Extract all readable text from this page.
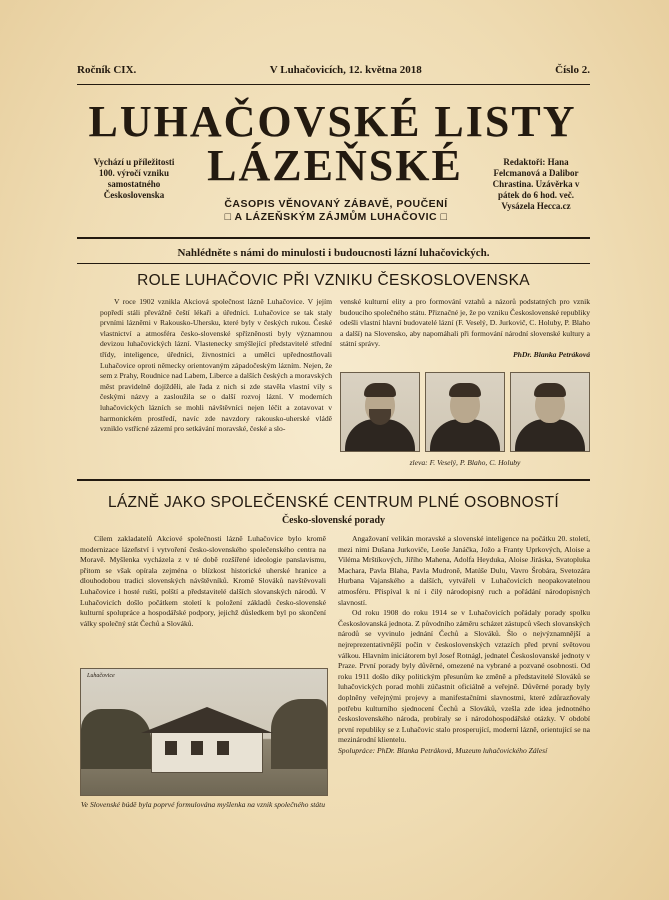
Ročník CIX.	V Luhačovicích, 12. května 2018	Číslo 2.
LUHAČOVSKÉ LISTY
LÁZEŇSKÉ
Vychází u příležitosti 100. výročí vzniku samostatného Československa
Redaktoři: Hana Felcmanová a Dalibor Chrastina. Uzávěrka v pátek do 6 hod. več. Vysázela Hecca.cz
ČASOPIS VĚNOVANÝ ZÁBAVĚ, POUČENÍ
□ A LÁZEŇSKÝM ZÁJMŮM LUHAČOVIC □
Nahlédněte s námi do minulosti i budoucnosti lázní luhačovických.
ROLE LUHAČOVIC PŘI VZNIKU ČESKOSLOVENSKA

V roce 1902 vznikla Akciová společnost lázně Luhačovice. V jejím popředí stáli převážně čeští lékaři a úředníci. Luhačovice se tak staly prvními lázněmi v Rakousko-Uhersku, které byly v českých rukou. České vlastnictví a atmosféra česko-slovenské spřízněnosti byly významnou devizou luhačovických lázní. Vlastenecky smýšlející představitelé střední třídy, inteligence, úředníci, živnostníci a umělci upřednostňovali Luhačovice oproti německy orientovaným západočeským lázním. Nejen, že sem z Prahy, Roudnice nad Labem, Liberce a dalších českých a moravských měst pravidelně dojížděli, ale řada z nich si zde stavěla vlastní vily s českými názvy a zasloužila se o další rozvoj lázní. V moderních luhačovických lázních se mohli návštěvníci nejen léčit a zotavovat v harmonickém prostředí, navíc zde navzdory rakousko-uherské vládě vzniklo vstřícné zázemí pro setkávání moravské, české a slo-

venské kulturní elity a pro formování vztahů a názorů podstatných pro vznik budoucího společného státu. Přiznačné je, že po vzniku Československé republiky odešli vlastní hlavní budovatelé lázní (F. Veselý, D. Jurkovič, C. Holuby, P. Blaho a další) na Slovensko, aby napomáhali při formování národní slovenské kultury a státní správy.

PhDr. Blanka Petráková
zleva: F. Veselý, P. Blaho, C. Holuby
LÁZNĚ JAKO SPOLEČENSKÉ CENTRUM PLNÉ OSOBNOSTÍ
Česko-slovenské porady

Cílem zakladatelů Akciové společnosti lázně Luhačovice bylo kromě modernizace lázeňství i vytvoření česko-slovenského společenského centra na Moravě. Myšlenka vycházela z v té době rozšířené ideologie panslavismu, přitom se však opírala zejména o blízkost historické uherské hranice a dlouhodobou tradici slovenských návštěvníků. Kromě Slováků navštěvovali Luhačovice i hosté ruští, polští a představitelé dalších slovanských národů. V Luhačovicích došlo počátkem století k položení základů česko-slovenské kulturní spolupráce a hospodářské podpory, jejichž důsledkem byl po skončení války společný stát Čechů a Slováků.

Luhačovice
Ve Slovenské búdě byla poprvé formulována myšlenka na vznik společného státu

Angažovaní velikán moravské a slovenské inteligence na počátku 20. století, mezi nimi Dušana Jurkoviče, Leoše Janáčka, Jožo a Franty Uprkových, Aloise a Viléma Mrštíkových, Jiřího Mahena, Adolfa Heyduka, Aloise Jiráska, Svatopluka Machara, Pavla Blaha, Pavla Mudroně, Matúše Dulu, Vavro Šrobára, Svetozára Hurbana Vajanského a dalších, vytvářeli v Luhačovicích neopakovatelnou atmosféru. Přispíval k ní i čilý národopisný ruch a pořádání národopisných slavností.

Od roku 1908 do roku 1914 se v Luhačovicích pořádaly porady spolku Českoslovanská jednota. Z původního záměru scházet zástupců všech slovanských národů se vyvinulo jednání Čechů a Slováků. Šlo o nejvýznamnější a nejreprezentativnější počin v československých vztazích před první světovou válkou. Hlavním iniciátorem byl Josef Rotnágl, jednatel Českoslovanské jednoty v Praze. První porady byly důvěrné, omezené na vybrané a pozvané osobnosti. Od roku 1911 došlo díky politickým přesunům ke změně a představitelé Slováků se luhačovických porad mohli zúčastnit oficiálně a veřejně. Důvěrné porady byly doplněny veřejnými projevy a manifestačními slavnostmi, které zdůrazňovaly potřebu kulturního sjednocení Čechů a Slováků, vzešla zde idea jednotného československého národa, probíraly se i národohospodářské otázky. V období první republiky se z Luhačovic stalo prosperující, moderní lázně, orientující se na mezinárodní klientelu.

Spolupráce: PhDr. Blanka Petráková, Muzeum luhačovického Zálesí
